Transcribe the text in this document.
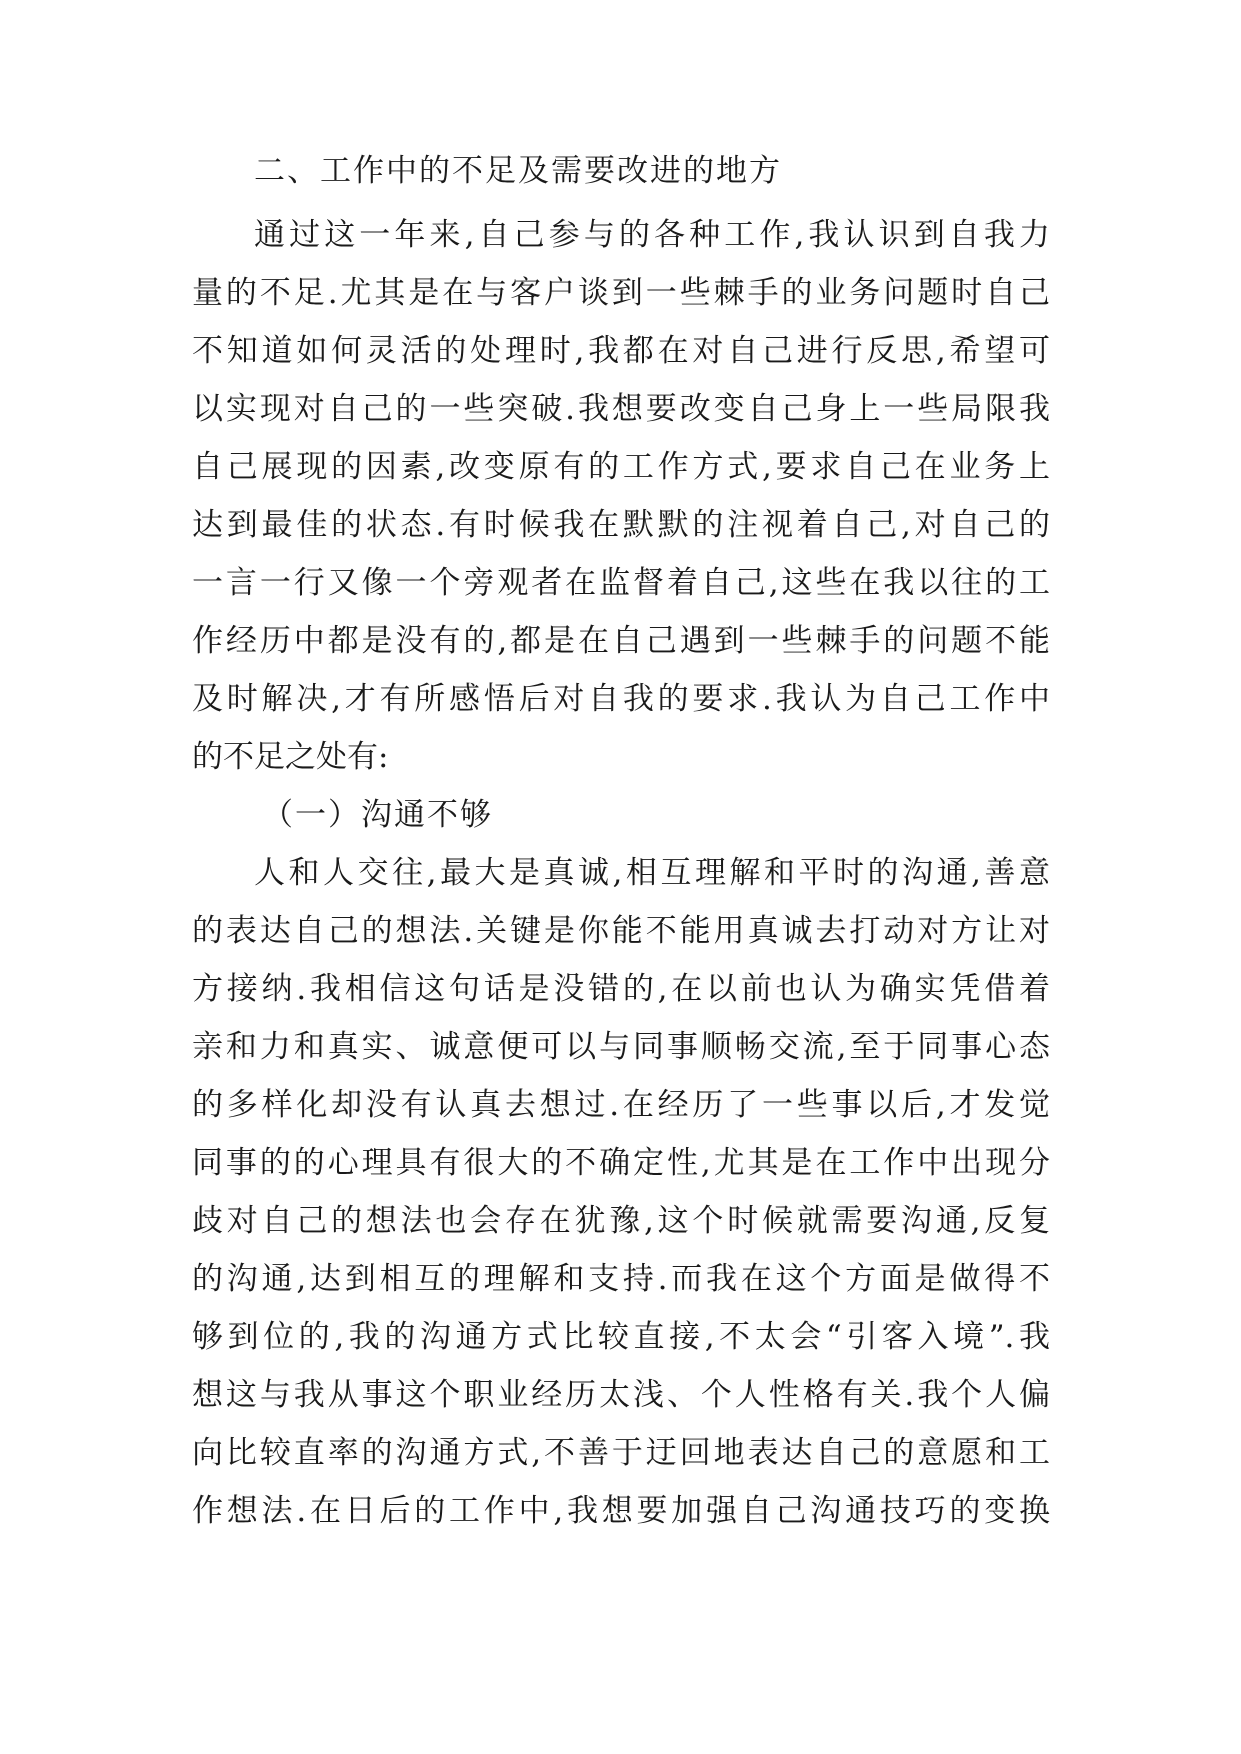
二、工作中的不足及需要改进的地方
通过这一年来,自己参与的各种工作,我认识到自我力
量的不足.尤其是在与客户谈到一些棘手的业务问题时自己
不知道如何灵活的处理时,我都在对自己进行反思,希望可
以实现对自己的一些突破.我想要改变自己身上一些局限我
自己展现的因素,改变原有的工作方式,要求自己在业务上
达到最佳的状态.有时候我在默默的注视着自己,对自己的
一言一行又像一个旁观者在监督着自己,这些在我以往的工
作经历中都是没有的,都是在自己遇到一些棘手的问题不能
及时解决,才有所感悟后对自我的要求.我认为自己工作中
的不足之处有:
（一）沟通不够
人和人交往,最大是真诚,相互理解和平时的沟通,善意
的表达自己的想法.关键是你能不能用真诚去打动对方让对
方接纳.我相信这句话是没错的,在以前也认为确实凭借着
亲和力和真实、诚意便可以与同事顺畅交流,至于同事心态
的多样化却没有认真去想过.在经历了一些事以后,才发觉
同事的的心理具有很大的不确定性,尤其是在工作中出现分
歧对自己的想法也会存在犹豫,这个时候就需要沟通,反复
的沟通,达到相互的理解和支持.而我在这个方面是做得不
够到位的,我的沟通方式比较直接,不太会“引客入境”.我
想这与我从事这个职业经历太浅、个人性格有关.我个人偏
向比较直率的沟通方式,不善于迂回地表达自己的意愿和工
作想法.在日后的工作中,我想要加强自己沟通技巧的变换
